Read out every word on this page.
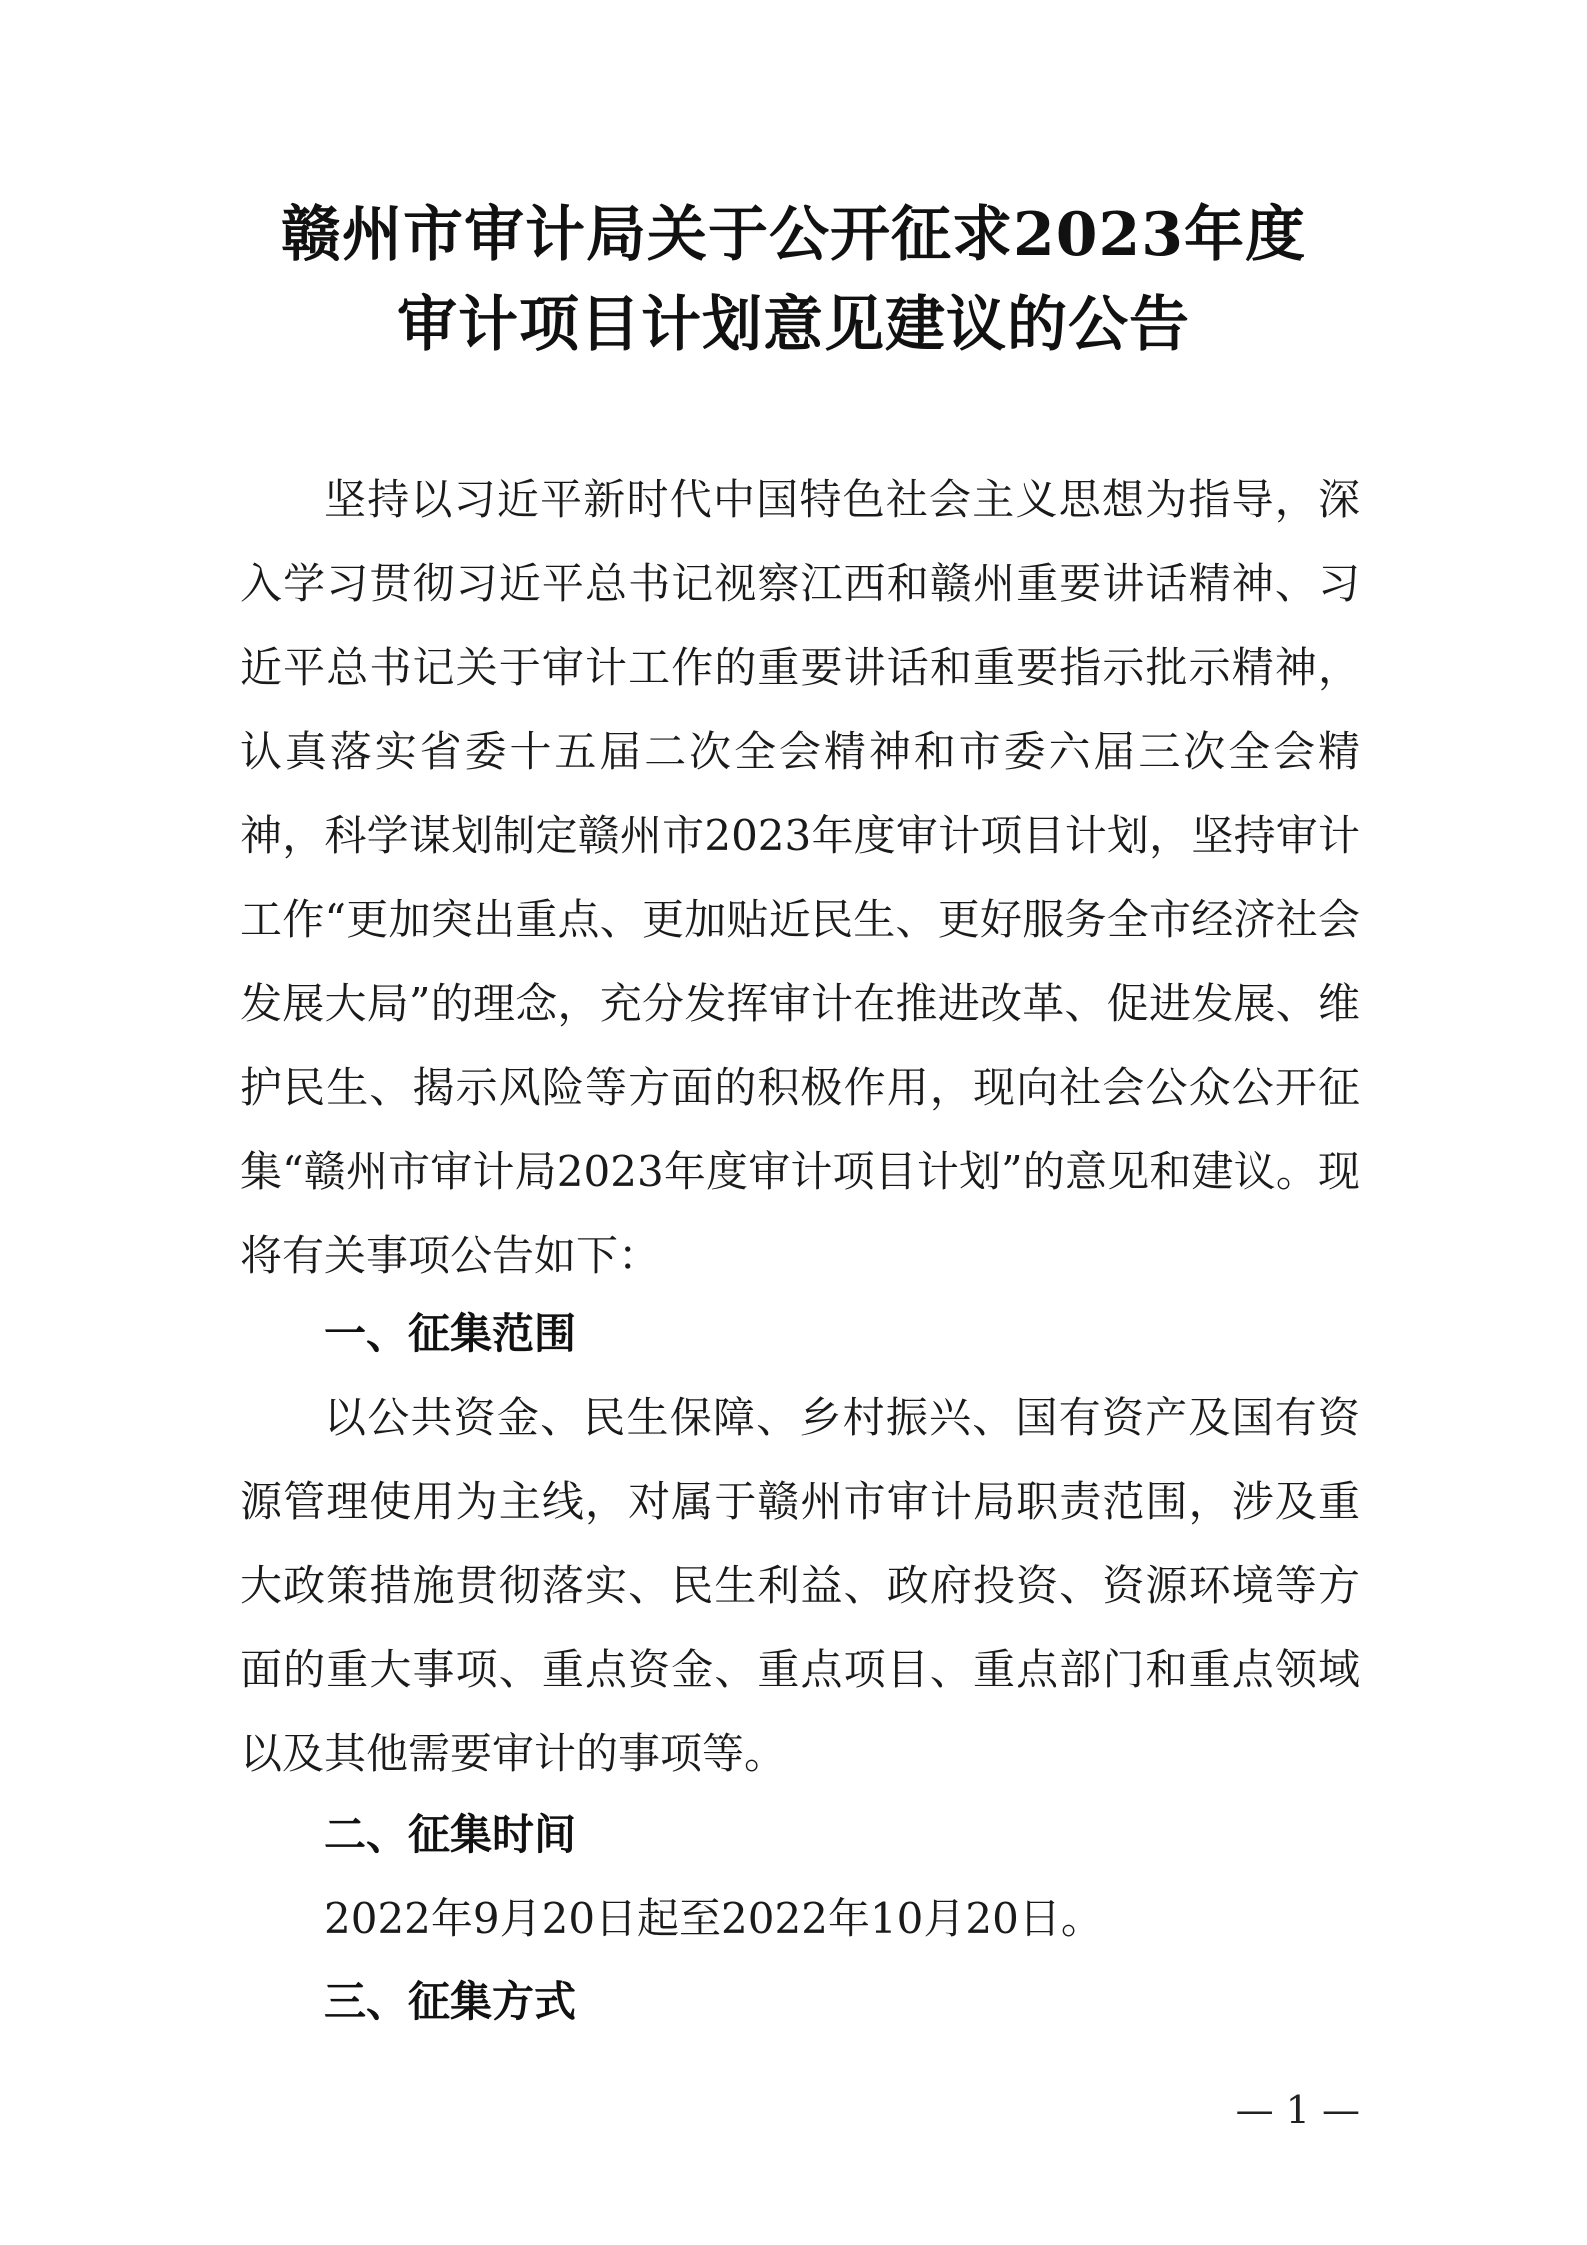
赣州市审计局关于公开征求2023年度
审计项目计划意见建议的公告
坚持以习近平新时代中国特色社会主义思想为指导，深入学习贯彻习近平总书记视察江西和赣州重要讲话精神、习近平总书记关于审计工作的重要讲话和重要指示批示精神，认真落实省委十五届二次全会精神和市委六届三次全会精神，科学谋划制定赣州市2023年度审计项目计划，坚持审计工作“更加突出重点、更加贴近民生、更好服务全市经济社会发展大局”的理念，充分发挥审计在推进改革、促进发展、维护民生、揭示风险等方面的积极作用，现向社会公众公开征集“赣州市审计局2023年度审计项目计划”的意见和建议。现将有关事项公告如下：
一、征集范围
以公共资金、民生保障、乡村振兴、国有资产及国有资源管理使用为主线，对属于赣州市审计局职责范围，涉及重大政策措施贯彻落实、民生利益、政府投资、资源环境等方面的重大事项、重点资金、重点项目、重点部门和重点领域以及其他需要审计的事项等。
二、征集时间
2022年9月20日起至2022年10月20日。
三、征集方式
— 1 —
